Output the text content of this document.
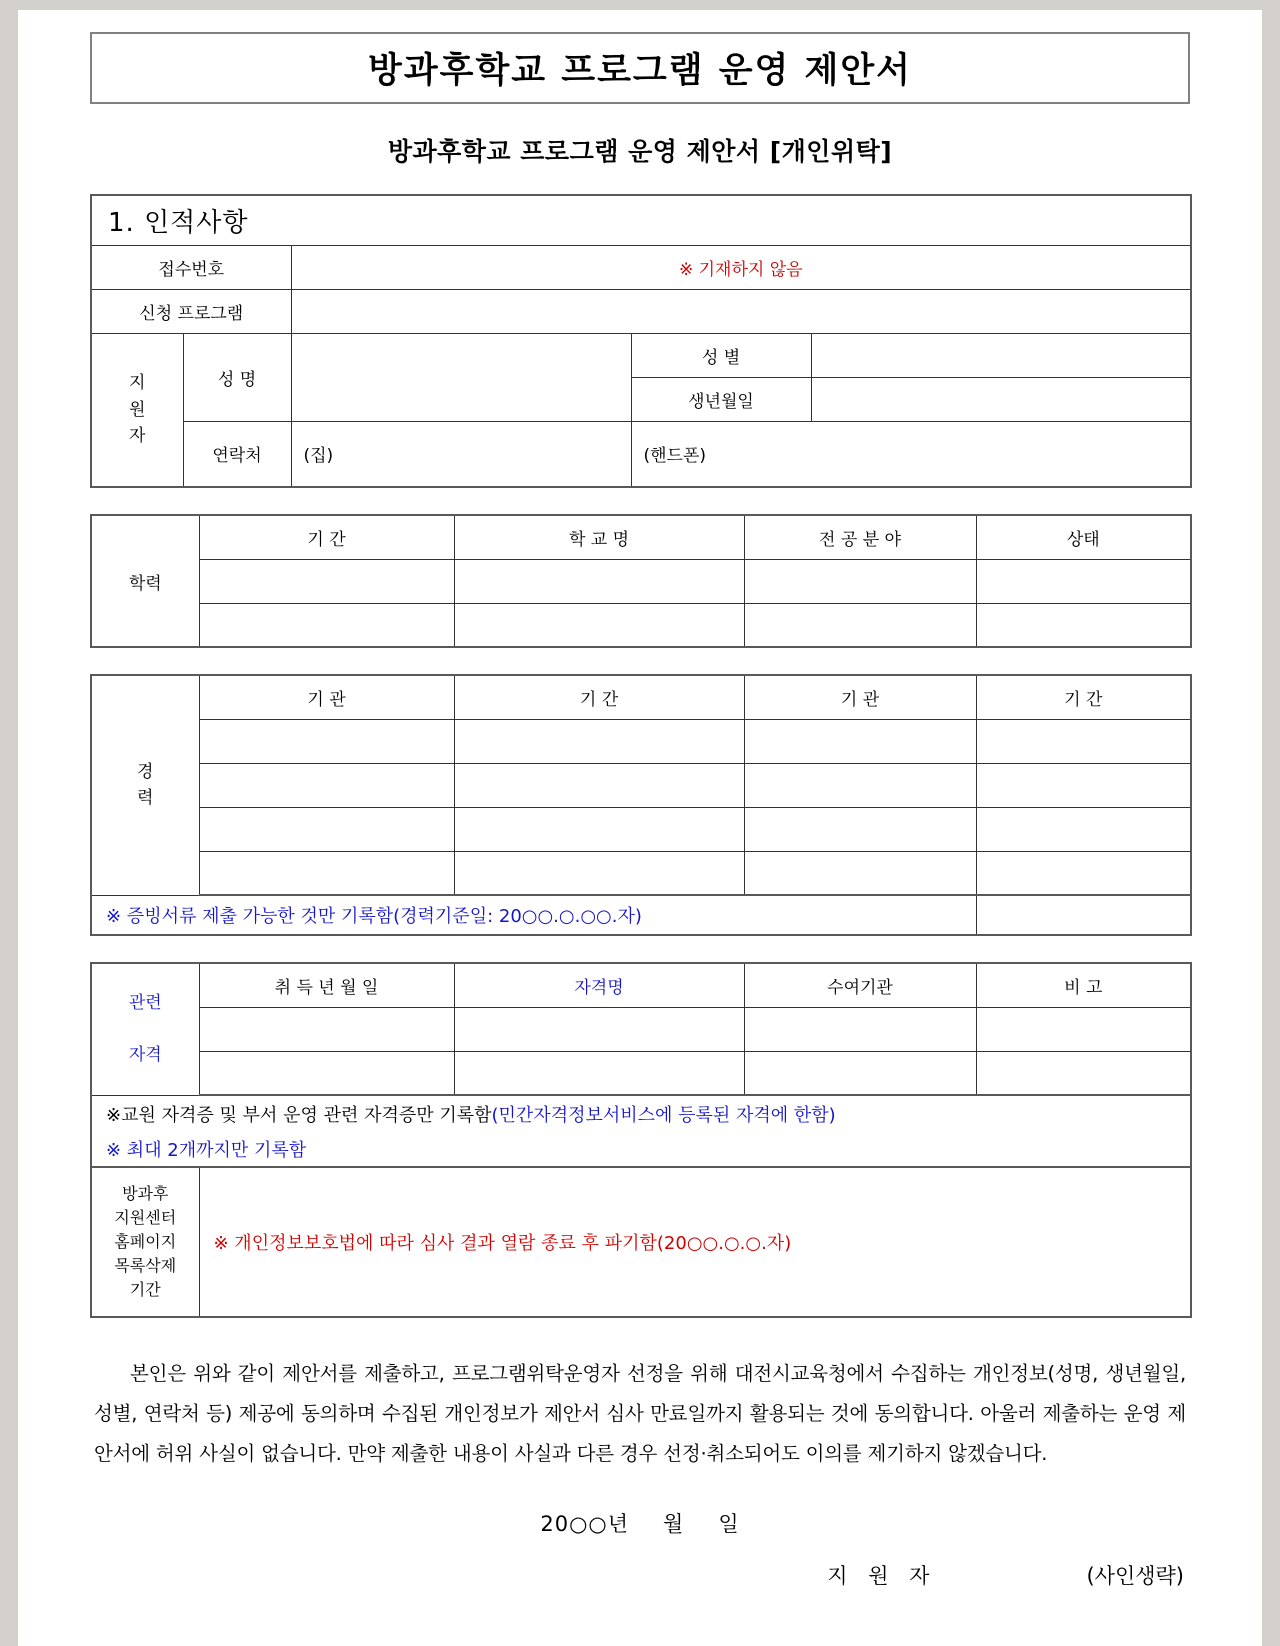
방과후학교 프로그램 운영 제안서
방과후학교 프로그램 운영 제안서 [개인위탁]
1. 인적사항				
접수번호		※ 기재하지 않음		
신청 프로그램				
지
원
자	성 명		성 별	
			생년월일	
	연락처	(집)	(핸드폰)	
학력	기 간	학 교 명	전 공 분 야	상태

경
력	기 관	기 간	기 관	기 간

※ 증빙서류 제출 가능한 것만 기록함(경력기준일: 20○○.○.○○.자)				
관련

자격	취 득 년 월 일	자격명	수여기관	비 고

※교원 자격증 및 부서 운영 관련 자격증만 기록함(민간자격정보서비스에 등록된 자격에 한함)				
※ 최대 2개까지만 기록함				
방과후
지원센터
홈페이지
목록삭제
기간	※ 개인정보보호법에 따라 심사 결과 열람 종료 후 파기함(20○○.○.○.자)			
본인은 위와 같이 제안서를 제출하고, 프로그램위탁운영자 선정을 위해 대전시교육청에서 수집하는 개인정보(성명, 생년월일, 성별, 연락처 등) 제공에 동의하며 수집된 개인정보가 제안서 심사 만료일까지 활용되는 것에 동의합니다. 아울러 제출하는 운영 제안서에 허위 사실이 없습니다. 만약 제출한 내용이 사실과 다른 경우 선정·취소되어도 이의를 제기하지 않겠습니다.
20○○년 월 일
지 원 자	(사인생략)
